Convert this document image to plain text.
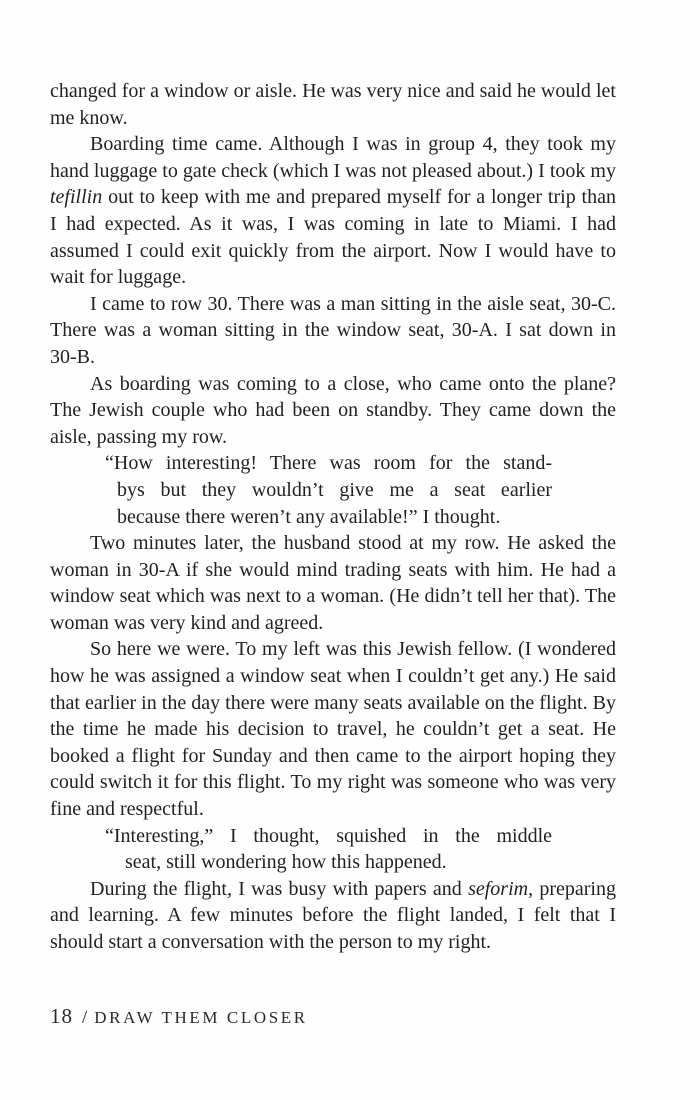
changed for a window or aisle. He was very nice and said he would let me know.

Boarding time came. Although I was in group 4, they took my hand luggage to gate check (which I was not pleased about.) I took my tefillin out to keep with me and prepared myself for a longer trip than I had expected. As it was, I was coming in late to Miami. I had assumed I could exit quickly from the airport. Now I would have to wait for luggage.

I came to row 30. There was a man sitting in the aisle seat, 30-C. There was a woman sitting in the window seat, 30-A. I sat down in 30-B.

As boarding was coming to a close, who came onto the plane? The Jewish couple who had been on standby. They came down the aisle, passing my row.

“How interesting! There was room for the stand-
bys but they wouldn’t give me a seat earlier
because there weren’t any available!” I thought.

Two minutes later, the husband stood at my row. He asked the woman in 30-A if she would mind trading seats with him. He had a window seat which was next to a woman. (He didn’t tell her that). The woman was very kind and agreed.

So here we were. To my left was this Jewish fellow. (I wondered how he was assigned a window seat when I couldn’t get any.) He said that earlier in the day there were many seats available on the flight. By the time he made his decision to travel, he couldn’t get a seat. He booked a flight for Sunday and then came to the airport hoping they could switch it for this flight. To my right was someone who was very fine and respectful.

“Interesting,” I thought, squished in the middle
seat, still wondering how this happened.

During the flight, I was busy with papers and seforim, preparing and learning. A few minutes before the flight landed, I felt that I should start a conversation with the person to my right.

18 / DRAW THEM CLOSER
